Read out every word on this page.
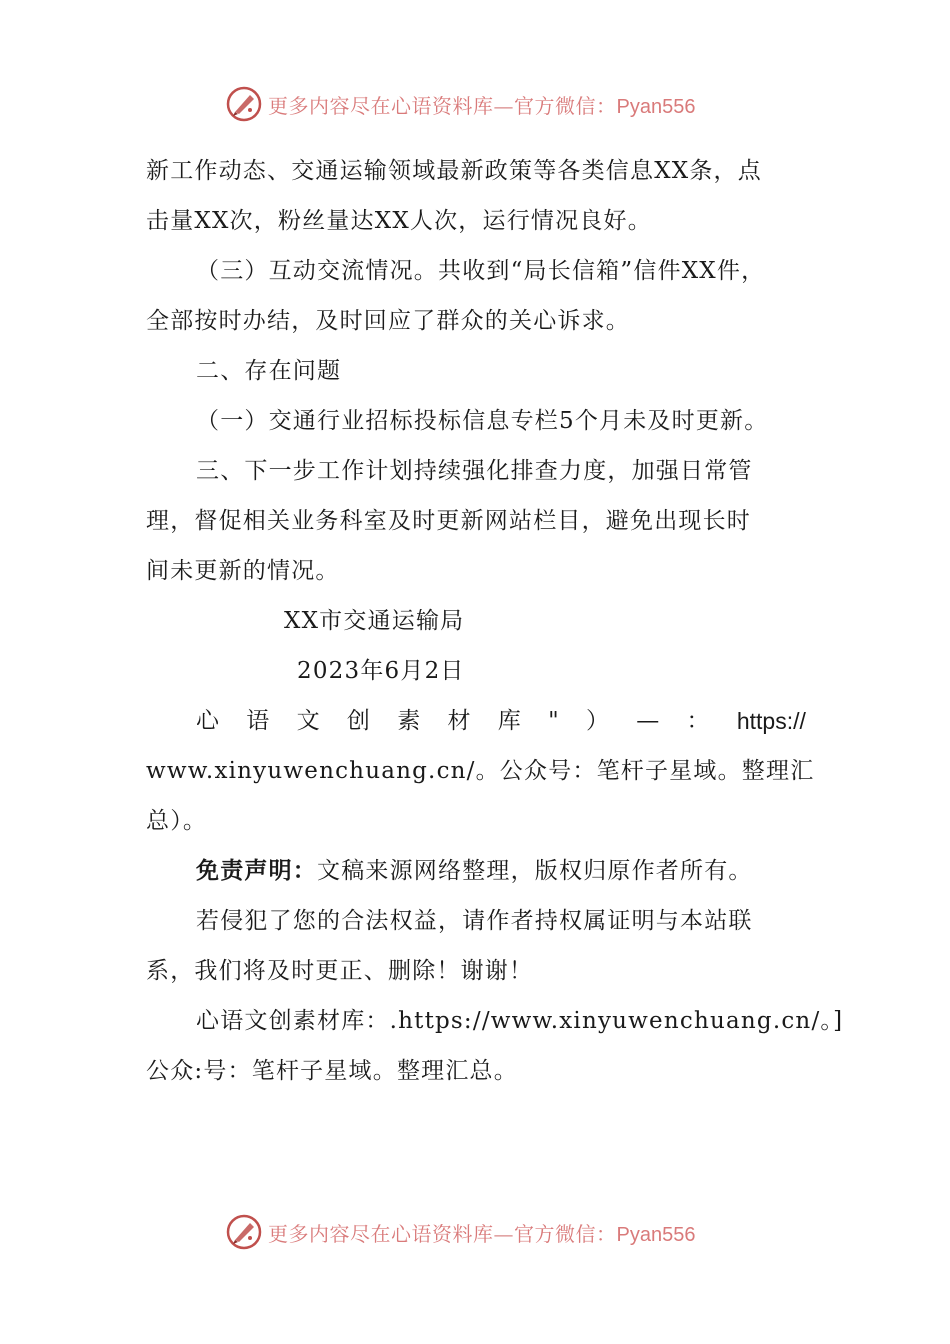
更多内容尽在心语资料库—官方微信：Pyan556
新工作动态、交通运输领域最新政策等各类信息XX条，点
击量XX次，粉丝量达XX人次，运行情况良好。
（三）互动交流情况。共收到“局长信箱”信件XX件，
全部按时办结，及时回应了群众的关心诉求。
二、存在问题
（一）交通行业招标投标信息专栏5个月未及时更新。
三、下一步工作计划持续强化排查力度，加强日常管
理，督促相关业务科室及时更新网站栏目，避免出现长时
间未更新的情况。
XX市交通运输局
2023年6月2日
心 语 文 创 素 材 库 " ） — ： https://
www.xinyuwenchuang.cn/。公众号：笔杆子星域。整理汇
总）。
免责声明：文稿来源网络整理，版权归原作者所有。
若侵犯了您的合法权益，请作者持权属证明与本站联
系，我们将及时更正、删除！谢谢！
心语文创素材库：.https://www.xinyuwenchuang.cn/。]
公众:号：笔杆子星域。整理汇总。
更多内容尽在心语资料库—官方微信：Pyan556
